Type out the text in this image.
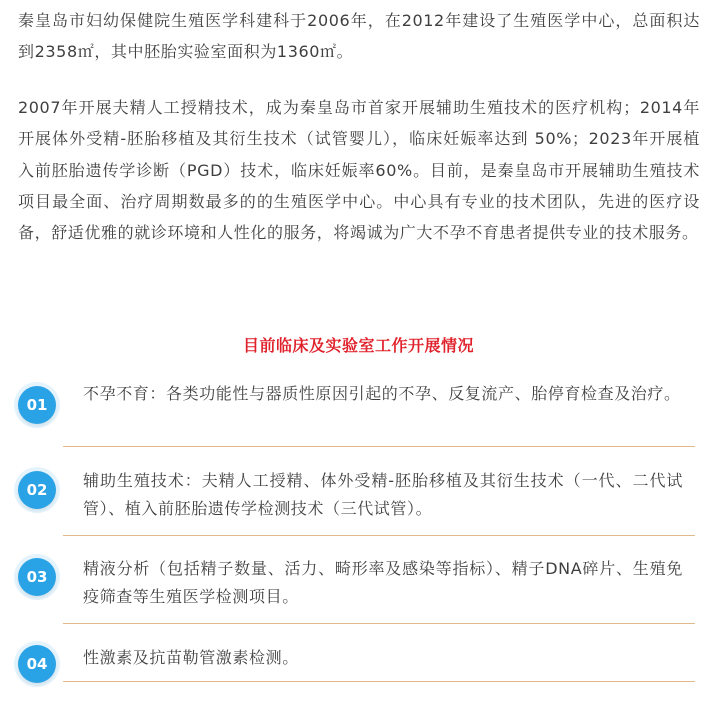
秦皇岛市妇幼保健院生殖医学科建科于2006年，在2012年建设了生殖医学中心，总面积达到2358㎡，其中胚胎实验室面积为1360㎡。

2007年开展夫精人工授精技术，成为秦皇岛市首家开展辅助生殖技术的医疗机构；2014年开展体外受精-胚胎移植及其衍生技术（试管婴儿），临床妊娠率达到 50%；2023年开展植入前胚胎遗传学诊断（PGD）技术，临床妊娠率60%。目前，是秦皇岛市开展辅助生殖技术项目最全面、治疗周期数最多的的生殖医学中心。中心具有专业的技术团队，先进的医疗设备，舒适优雅的就诊环境和人性化的服务，将竭诚为广大不孕不育患者提供专业的技术服务。

目前临床及实验室工作开展情况
01

不孕不育：各类功能性与器质性原因引起的不孕、反复流产、胎停育检查及治疗。

02	辅助生殖技术：夫精人工授精、体外受精-胚胎移植及其衍生技术（一代、二代试管）、植入前胚胎遗传学检测技术（三代试管）。

03	精液分析（包括精子数量、活力、畸形率及感染等指标）、精子DNA碎片、生殖免疫筛查等生殖医学检测项目。

04	性激素及抗苗勒管激素检测。
